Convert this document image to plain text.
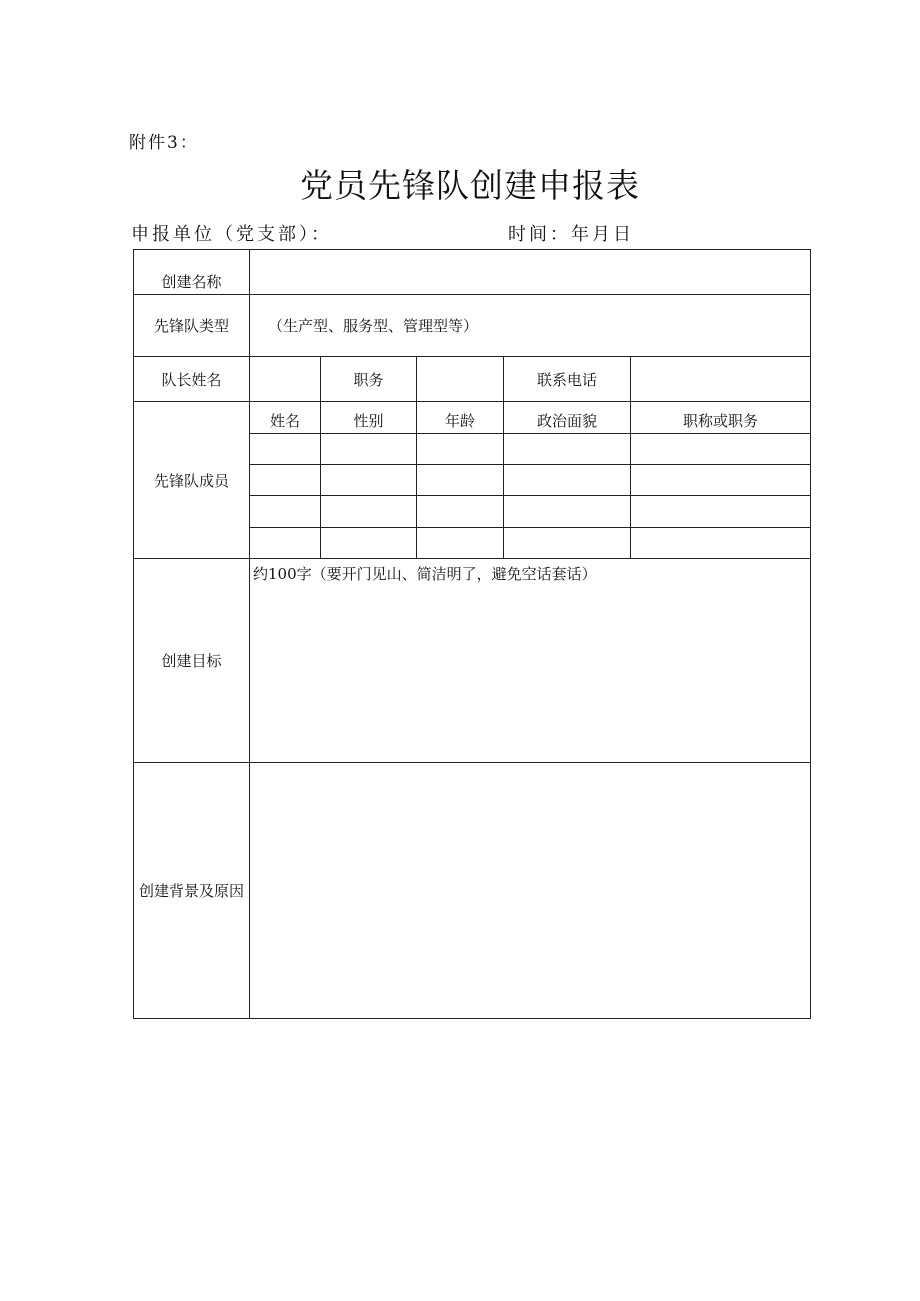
附件3：
党员先锋队创建申报表
申报单位（党支部）：	时间：年月日
创建名称					
先锋队类型	（生产型、服务型、管理型等）				
队长姓名		职务		联系电话	
先锋队成员	姓名	性别	年龄	政治面貌	职称或职务

创建目标	约100字（要开门见山、简洁明了，避免空话套话）				
创建背景及原因					
